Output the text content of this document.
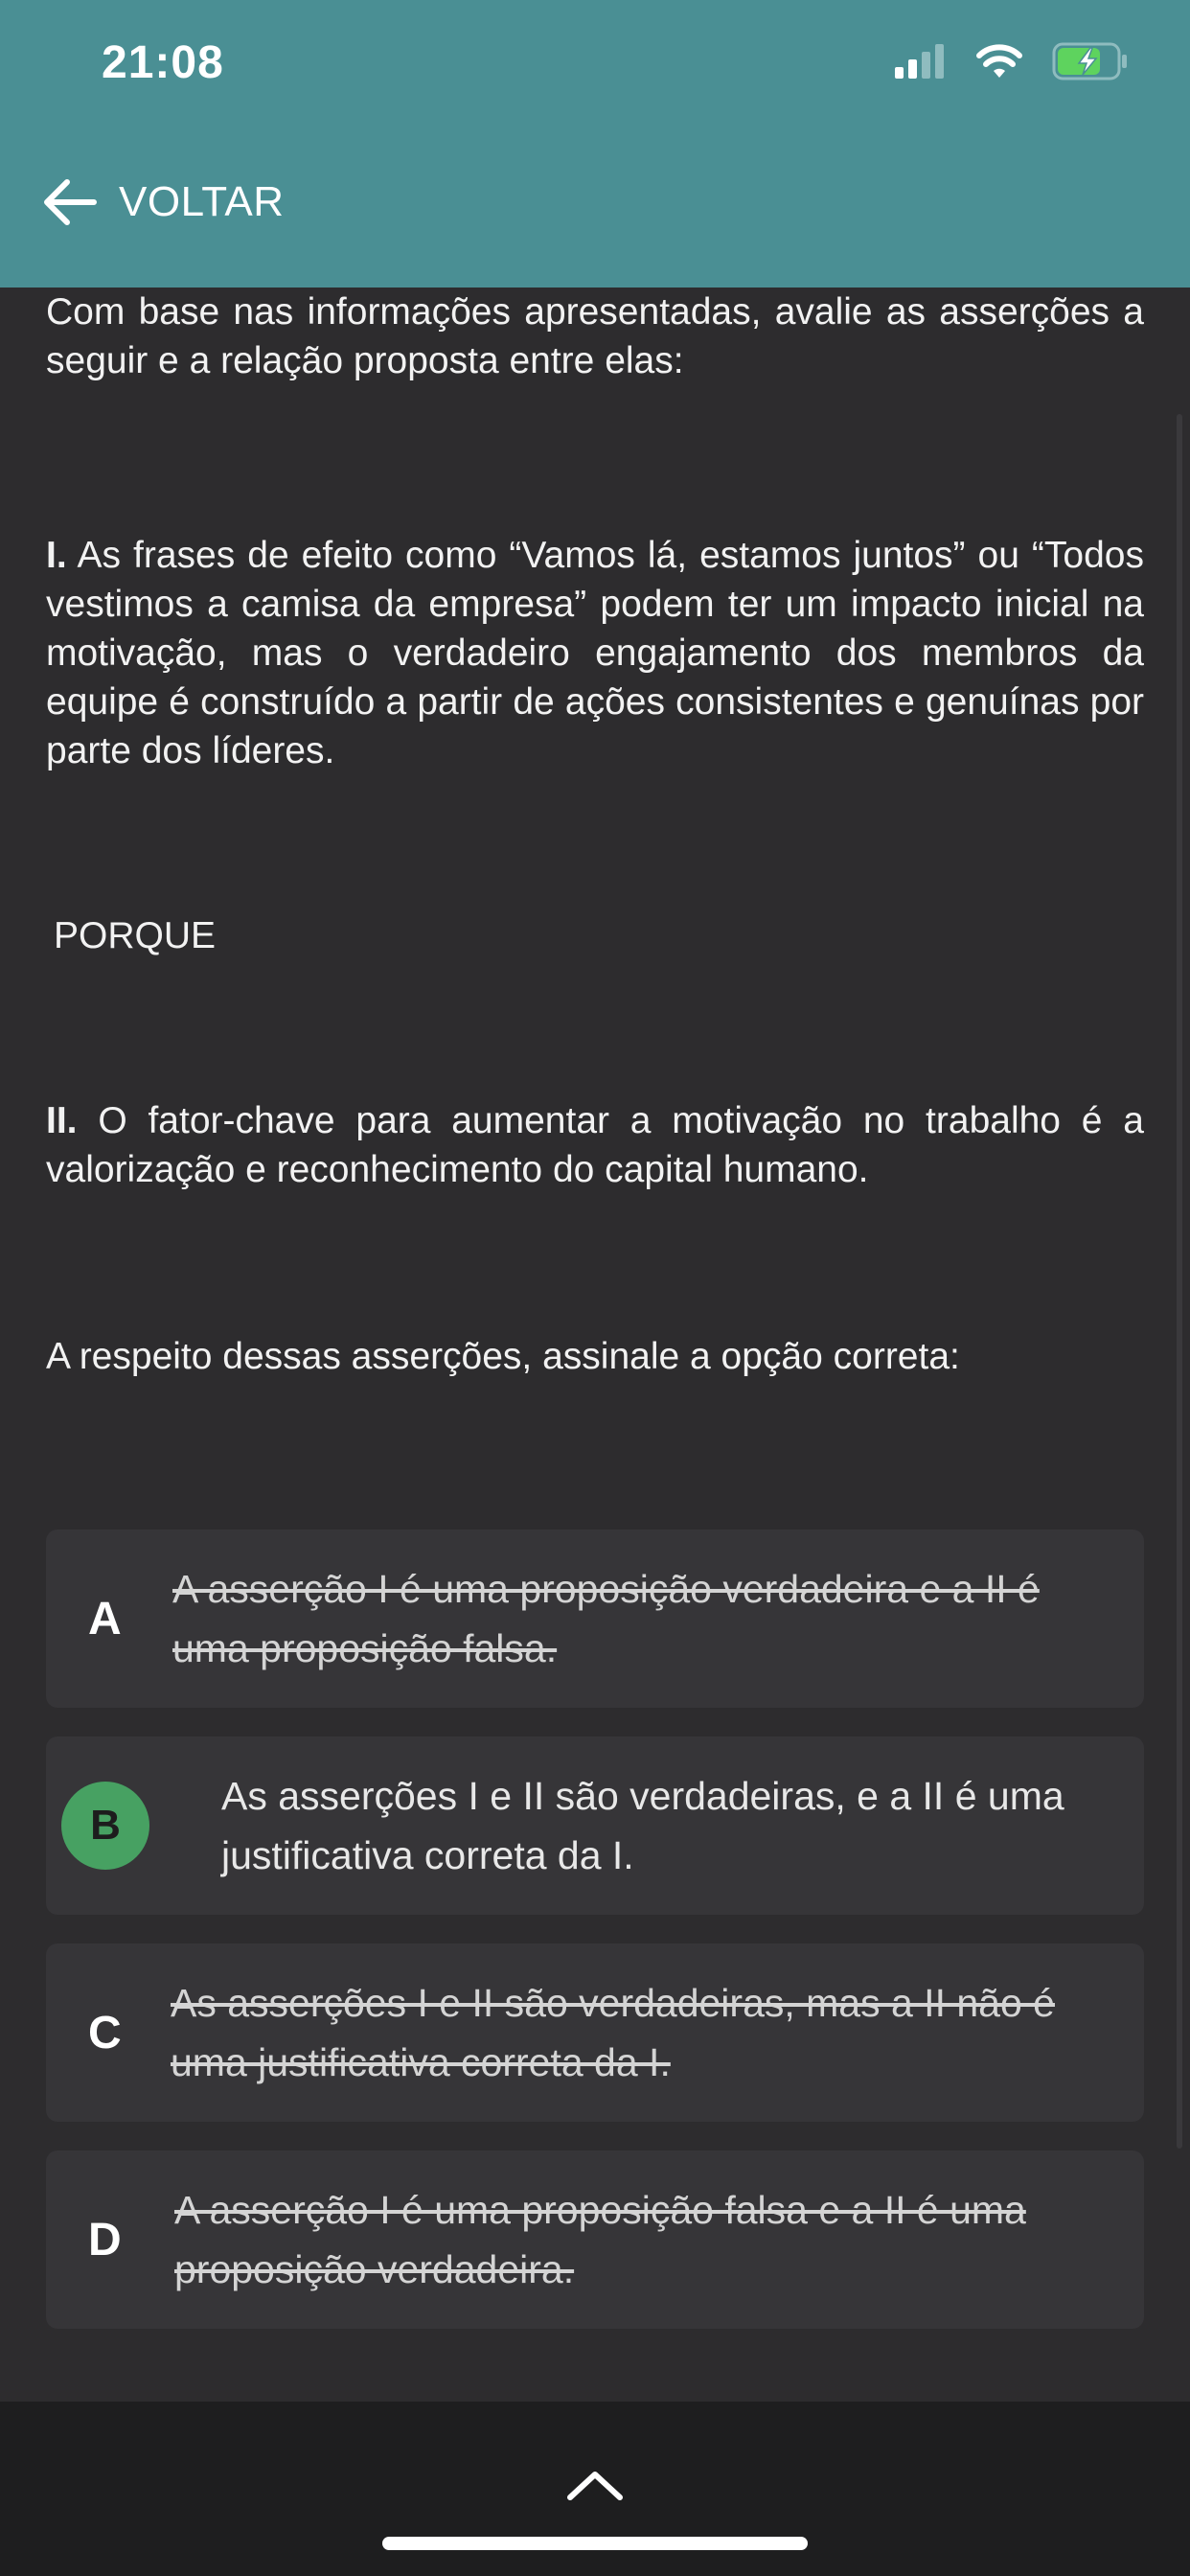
21:08
VOLTAR

Com base nas informações apresentadas, avalie as asserções a seguir e a relação proposta entre elas:

I. As frases de efeito como “Vamos lá, estamos juntos” ou “Todos vestimos a camisa da empresa” podem ter um impacto inicial na motivação, mas o verdadeiro engajamento dos membros da equipe é construído a partir de ações consistentes e genuínas por parte dos líderes.

PORQUE

II. O fator-chave para aumentar a motivação no trabalho é a valorização e reconhecimento do capital humano.

A respeito dessas asserções, assinale a opção correta:

A
A asserção I é uma proposição verdadeira e a II é uma proposição falsa.
B
As asserções I e II são verdadeiras, e a II é uma justificativa correta da I.
C
As asserções I e II são verdadeiras, mas a II não é uma justificativa correta da I.
D
A asserção I é uma proposição falsa e a II é uma proposição verdadeira.
